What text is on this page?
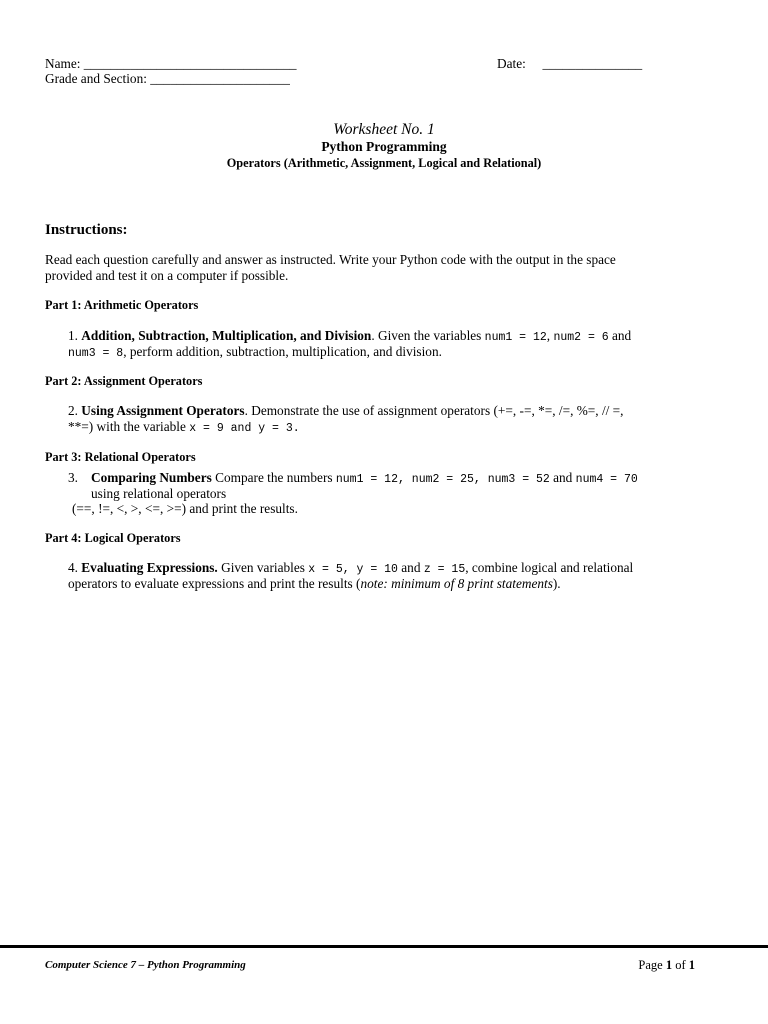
Name: ________________________________	Date: _______________
Grade and Section: _____________________
Worksheet No. 1
Python Programming
Operators (Arithmetic, Assignment, Logical and Relational)
Instructions:
Read each question carefully and answer as instructed. Write your Python code with the output in the space
provided and test it on a computer if possible.
Part 1: Arithmetic Operators
1. Addition, Subtraction, Multiplication, and Division. Given the variables num1 = 12, num2 = 6 and
num3 = 8, perform addition, subtraction, multiplication, and division.
Part 2: Assignment Operators
2. Using Assignment Operators. Demonstrate the use of assignment operators (+=, -=, *=, /=, %=, // =,
**=) with the variable x = 9 and y = 3.
Part 3: Relational Operators
3. Comparing Numbers Compare the numbers num1 = 12, num2 = 25, num3 = 52 and num4 = 70
using relational operators
(==, !=, <, >, <=, >=) and print the results.
Part 4: Logical Operators
4. Evaluating Expressions. Given variables x = 5, y = 10 and z = 15, combine logical and relational
operators to evaluate expressions and print the results (note: minimum of 8 print statements).
Computer Science 7 – Python Programming	Page 1 of 1
